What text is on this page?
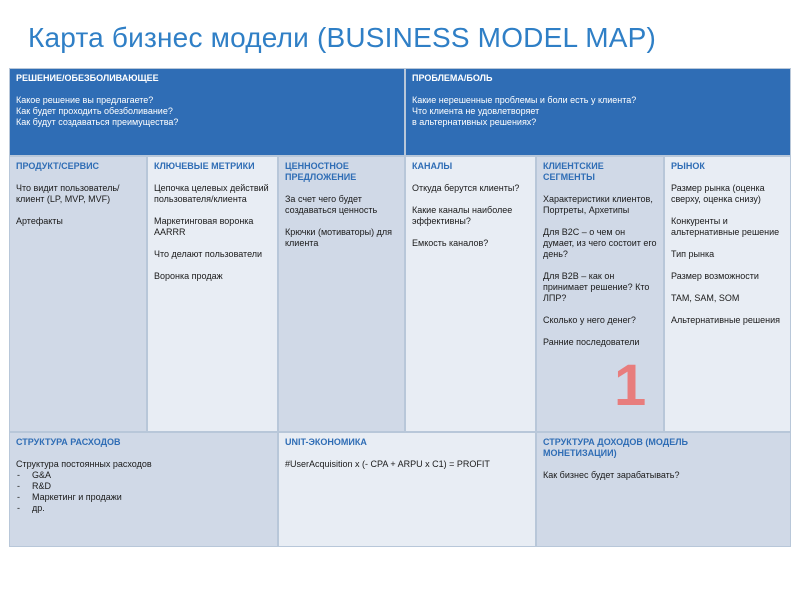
Карта бизнес модели (BUSINESS MODEL MAP)
РЕШЕНИЕ/ОБЕЗБОЛИВАЮЩЕЕ

Какое решение вы предлагаете?

Как будет проходить обезболивание?

Как будут создаваться преимущества?

ПРОБЛЕМА/БОЛЬ

Какие нерешенные проблемы и боли есть у клиента?

Что клиента не удовлетворяет

в альтернативных решениях?

ПРОДУКТ/СЕРВИС

Что видит пользователь/клиент (LP, MVP, MVF)

Артефакты

КЛЮЧЕВЫЕ МЕТРИКИ

Цепочка целевых действий пользователя/клиента

Маркетинговая воронка AARRR

Что делают пользователи

Воронка продаж

ЦЕННОСТНОЕ ПРЕДЛОЖЕНИЕ

За счет чего будет создаваться ценность

Крючки (мотиваторы) для клиента

КАНАЛЫ

Откуда берутся клиенты?

Какие каналы наиболее эффективны?

Емкость каналов?

КЛИЕНТСКИЕ СЕГМЕНТЫ

Характеристики клиентов, Портреты, Архетипы

Для B2C – о чем он думает, из чего состоит его день?

Для B2B – как он принимает решение? Кто ЛПР?

Сколько у него денег?

Ранние последователи

РЫНОК

Размер рынка (оценка сверху, оценка снизу)

Конкуренты и альтернативные решение

Тип рынка

Размер возможности

TAM, SAM, SOM

Альтернативные решения

СТРУКТУРА РАСХОДОВ

Структура постоянных расходов

- G&A
- R&D
- Маркетинг и продажи
- др.
UNIT-ЭКОНОМИКА

#UserAcquisition x (- CPA + ARPU x C1) = PROFIT

СТРУКТУРА ДОХОДОВ (МОДЕЛЬ МОНЕТИЗАЦИИ)

Как бизнес будет зарабатывать?

1
